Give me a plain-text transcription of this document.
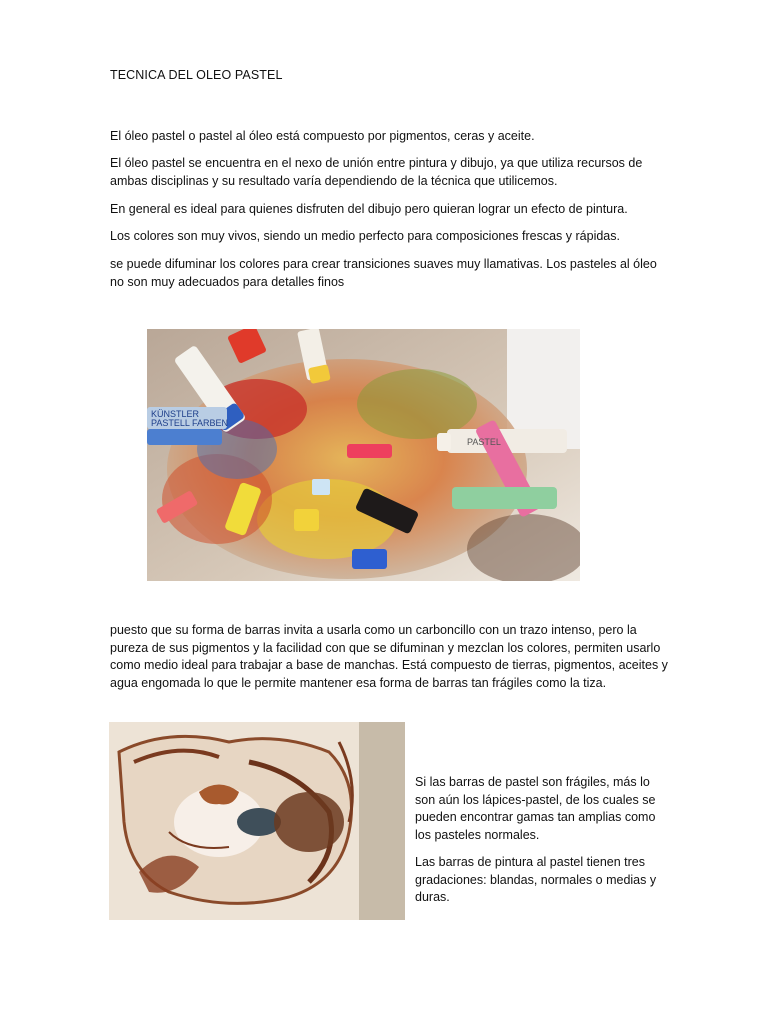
TECNICA DEL OLEO PASTEL

El óleo pastel o pastel al óleo está compuesto por pigmentos, ceras y aceite.

El óleo pastel se encuentra en el nexo de unión entre pintura y dibujo, ya que utiliza recursos de ambas disciplinas y su resultado varía dependiendo de la técnica que utilicemos.

En general es ideal para quienes disfruten del dibujo pero quieran lograr un efecto de pintura.

Los colores son muy vivos, siendo un medio perfecto para composiciones frescas y rápidas.

se puede difuminar los colores para crear transiciones suaves muy llamativas. Los pasteles al óleo no son muy adecuados para detalles finos

KÜNSTLER
PASTELL FARBEN
PASTEL

puesto que su forma de barras invita a usarla como un carboncillo con un trazo intenso, pero la pureza de sus pigmentos y la facilidad con que se difuminan y mezclan los colores, permiten usarlo como medio ideal para trabajar a base de manchas. Está compuesto de tierras, pigmentos, aceites y agua engomada lo que le permite mantener esa forma de barras tan frágiles como la tiza.

Si las barras de pastel son frágiles, más lo son aún los lápices-pastel, de los cuales se pueden encontrar gamas tan amplias como los pasteles normales.

Las barras de pintura al pastel tienen tres gradaciones: blandas, normales o medias y duras.
